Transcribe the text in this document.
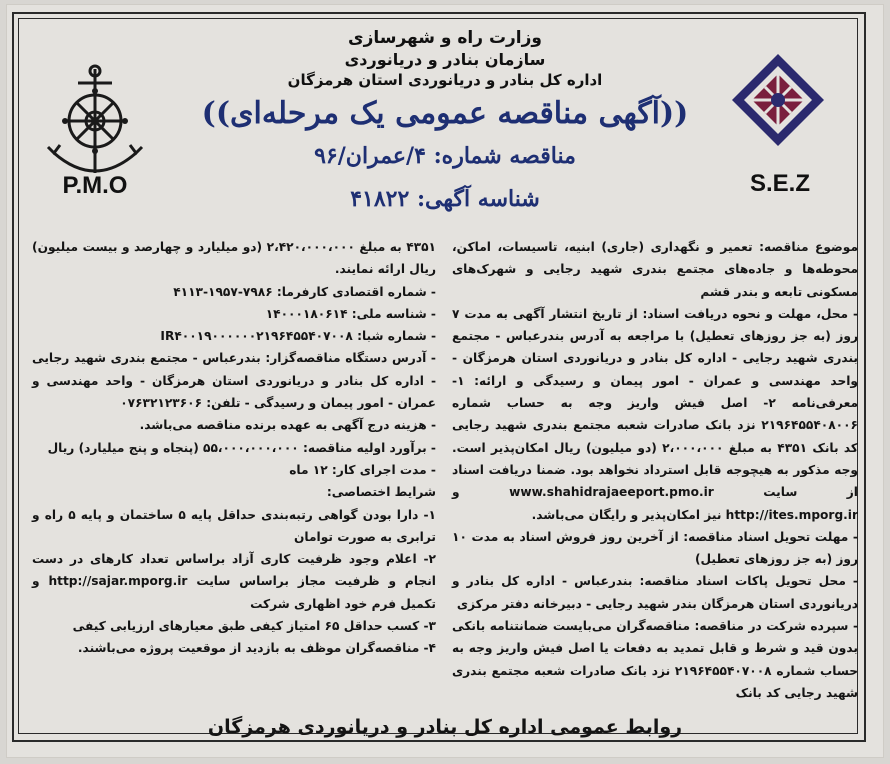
P.M.O	S.E.Z
وزارت راه و شهرسازی
سازمان بنادر و دریانوردی
اداره کل بنادر و دریانوردی استان هرمزگان
((آگهی مناقصه عمومی یک مرحله‌ای))
مناقصه شماره: ۴/عمران/۹۶
شناسه آگهی: ۴۱۸۲۲

موضوع مناقصه: تعمیر و نگهداری (جاری) ابنیه، تاسیسات، اماکن، محوطه‌ها و جاده‌های مجتمع بندری شهید رجایی و شهرک‌های مسکونی تابعه و بندر قشم

- محل، مهلت و نحوه دریافت اسناد: از تاریخ انتشار آگهی به مدت ۷ روز (به جز روزهای تعطیل) با مراجعه به آدرس بندرعباس - مجتمع بندری شهید رجایی - اداره کل بنادر و دریانوردی استان هرمزگان - واحد مهندسی و عمران - امور پیمان و رسیدگی و ارائه: ۱- معرفی‌نامه ۲- اصل فیش واریز وجه به حساب شماره ۲۱۹۶۴۵۵۴۰۸۰۰۶ نزد بانک صادرات شعبه مجتمع بندری شهید رجایی کد بانک ۴۳۵۱ به مبلغ ۲،۰۰۰،۰۰۰ (دو میلیون) ریال امکان‌پذیر است. وجه مذکور به هیچوجه قابل استرداد نخواهد بود. ضمنا دریافت اسناد از سایت www.shahidrajaeeport.pmo.ir و http://ites.mporg.ir نیز امکان‌پذیر و رایگان می‌باشد.

- مهلت تحویل اسناد مناقصه: از آخرین روز فروش اسناد به مدت ۱۰ روز (به جز روزهای تعطیل)

- محل تحویل پاکات اسناد مناقصه: بندرعباس - اداره کل بنادر و دریانوردی استان هرمزگان بندر شهید رجایی - دبیرخانه دفتر مرکزی

- سپرده شرکت در مناقصه: مناقصه‌گران می‌بایست ضمانتنامه بانکی بدون قید و شرط و قابل تمدید به دفعات یا اصل فیش واریز وجه به حساب شماره ۲۱۹۶۴۵۵۴۰۷۰۰۸ نزد بانک صادرات شعبه مجتمع بندری شهید رجایی کد بانک

۴۳۵۱ به مبلغ ۲،۴۲۰،۰۰۰،۰۰۰ (دو میلیارد و چهارصد و بیست میلیون) ریال ارائه نمایند.

- شماره اقتصادی کارفرما: ۷۹۸۶-۱۹۵۷-۴۱۱۳

- شناسه ملی: ۱۴۰۰۰۱۸۰۶۱۴

- شماره شبا: IR۴۰۰۱۹۰۰۰۰۰۰۲۱۹۶۴۵۵۴۰۷۰۰۸

- آدرس دستگاه مناقصه‌گزار: بندرعباس - مجتمع بندری شهید رجایی - اداره کل بنادر و دریانوردی استان هرمزگان - واحد مهندسی و عمران - امور پیمان و رسیدگی - تلفن: ۰۷۶۳۲۱۲۳۶۰۶

- هزینه درج آگهی به عهده برنده مناقصه می‌باشد.

- برآورد اولیه مناقصه: ۵۵،۰۰۰،۰۰۰،۰۰۰ (پنجاه و پنج میلیارد) ریال

- مدت اجرای کار: ۱۲ ماه

شرایط اختصاصی:

۱- دارا بودن گواهی رتبه‌بندی حداقل پایه ۵ ساختمان و پایه ۵ راه و ترابری به صورت توامان

۲- اعلام وجود ظرفیت کاری آزاد براساس تعداد کارهای در دست انجام و ظرفیت مجاز براساس سایت http://sajar.mporg.ir و تکمیل فرم خود اظهاری شرکت

۳- کسب حداقل ۶۵ امتیاز کیفی طبق معیارهای ارزیابی کیفی

۴- مناقصه‌گران موظف به بازدید از موقعیت پروژه می‌باشند.

روابط عمومی اداره کل بنادر و دریانوردی هرمزگان
